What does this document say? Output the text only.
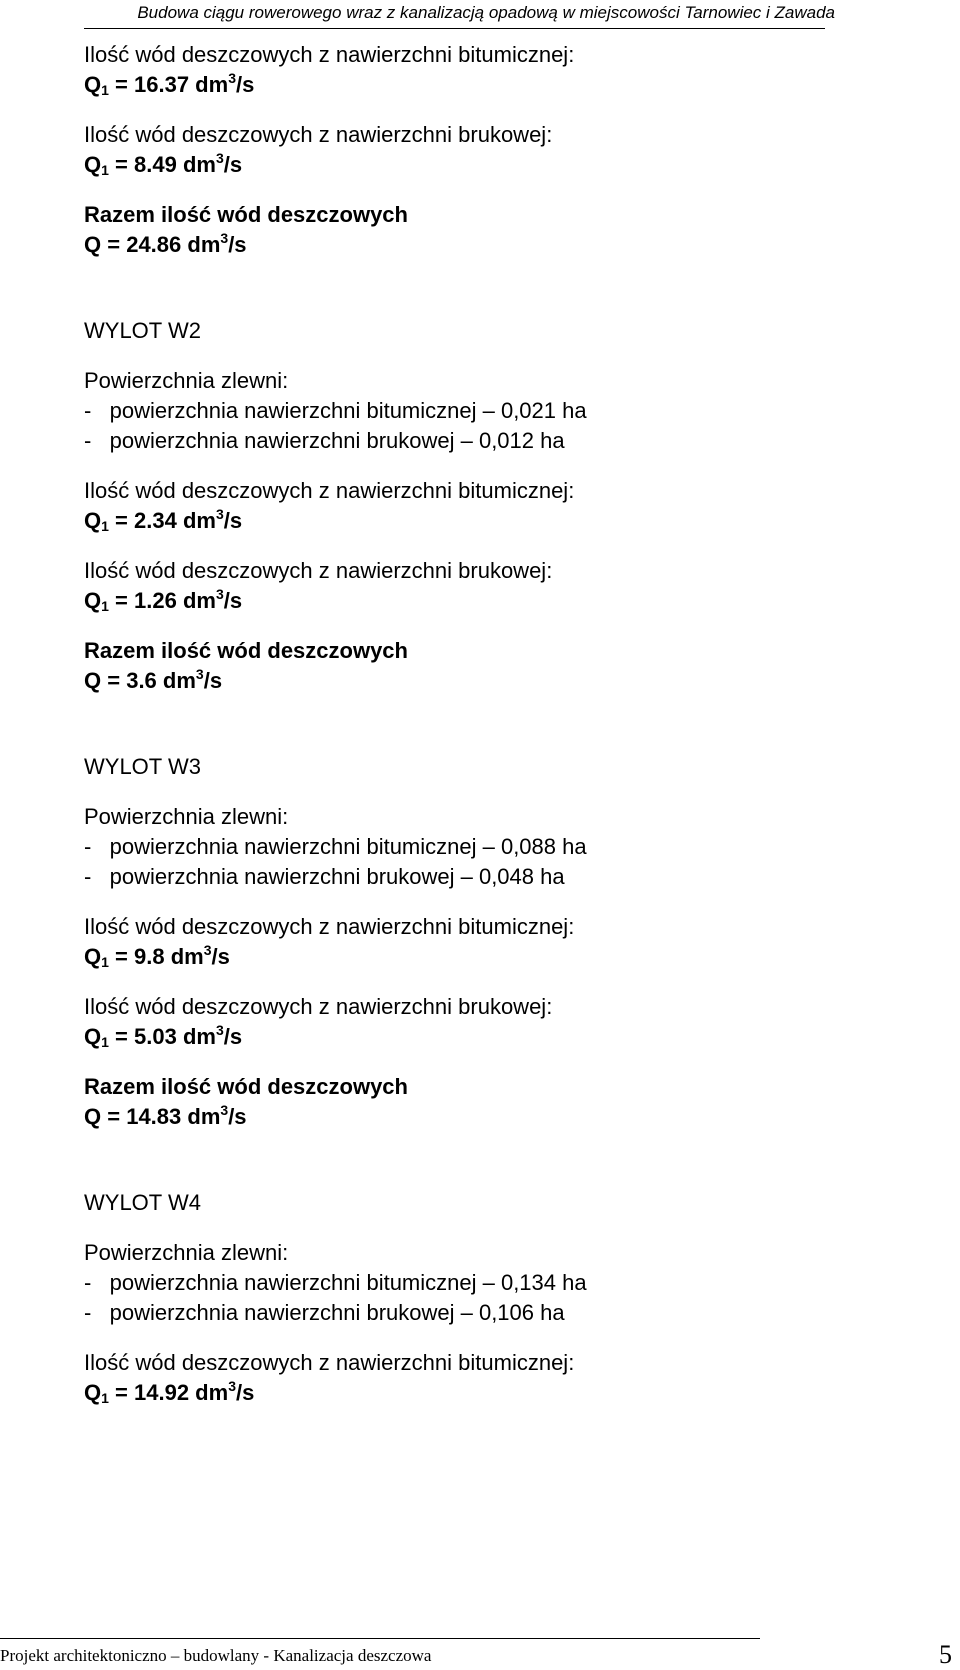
Budowa ciągu rowerowego wraz z kanalizacją opadową w miejscowości Tarnowiec i Zawada
Ilość wód deszczowych z nawierzchni bitumicznej:
$Q_1 = 16.37$ $dm^3/s$
Ilość wód deszczowych z nawierzchni brukowej:
$Q_1 = 8.49$ $dm^3/s$
Razem ilość wód deszczowych
Q = 24.86 $dm^3/s$
WYLOT W2
Powierzchnia zlewni:
-   powierzchnia nawierzchni bitumicznej – 0,021 ha
-   powierzchnia nawierzchni brukowej – 0,012 ha
Ilość wód deszczowych z nawierzchni bitumicznej:
$Q_1 = 2.34$ $dm^3/s$
Ilość wód deszczowych z nawierzchni brukowej:
$Q_1 = 1.26$ $dm^3/s$
Razem ilość wód deszczowych
Q = 3.6 $dm^3/s$
WYLOT W3
Powierzchnia zlewni:
-   powierzchnia nawierzchni bitumicznej – 0,088 ha
-   powierzchnia nawierzchni brukowej – 0,048 ha
Ilość wód deszczowych z nawierzchni bitumicznej:
$Q_1 = 9.8$ $dm^3/s$
Ilość wód deszczowych z nawierzchni brukowej:
$Q_1 = 5.03$ $dm^3/s$
Razem ilość wód deszczowych
Q = 14.83 $dm^3/s$
WYLOT W4
Powierzchnia zlewni:
-   powierzchnia nawierzchni bitumicznej – 0,134 ha
-   powierzchnia nawierzchni brukowej – 0,106 ha
Ilość wód deszczowych z nawierzchni bitumicznej:
$Q_1 = 14.92$ $dm^3/s$
Projekt architektoniczno – budowlany - Kanalizacja deszczowa	5
